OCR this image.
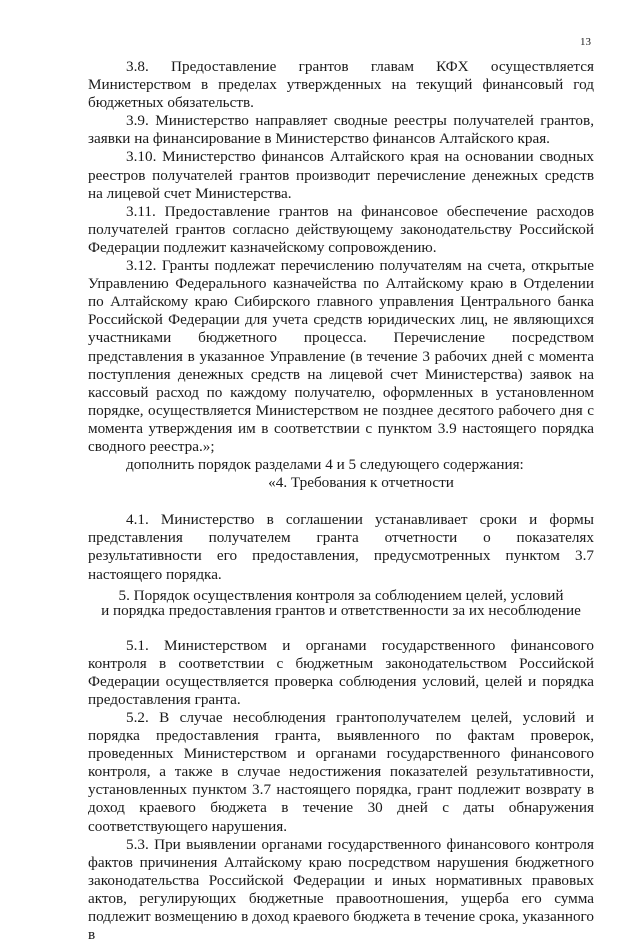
13

3.8. Предоставление грантов главам КФХ осуществляется Министерством в пределах утвержденных на текущий финансовый год бюджетных обязательств.

3.9. Министерство направляет сводные реестры получателей грантов, заявки на финансирование в Министерство финансов Алтайского края.

3.10. Министерство финансов Алтайского края на основании сводных реестров получателей грантов производит перечисление денежных средств на лицевой счет Министерства.

3.11. Предоставление грантов на финансовое обеспечение расходов получателей грантов согласно действующему законодательству Российской Федерации подлежит казначейскому сопровождению.

3.12. Гранты подлежат перечислению получателям на счета, открытые Управлению Федерального казначейства по Алтайскому краю в Отделении по Алтайскому краю Сибирского главного управления Центрального банка Российской Федерации для учета средств юридических лиц, не являющихся участниками бюджетного процесса. Перечисление посредством представления в указанное Управление (в течение 3 рабочих дней с момента поступления денежных средств на лицевой счет Министерства) заявок на кассовый расход по каждому получателю, оформленных в установленном порядке, осуществляется Министерством не позднее десятого рабочего дня с момента утверждения им в соответствии с пунктом 3.9 настоящего порядка сводного реестра.»;

дополнить порядок разделами 4 и 5 следующего содержания:

«4. Требования к отчетности

4.1. Министерство в соглашении устанавливает сроки и формы представления получателем гранта отчетности о показателях результативности его предоставления, предусмотренных пунктом 3.7 настоящего порядка.

5. Порядок осуществления контроля за соблюдением целей, условий

и порядка предоставления грантов и ответственности за их несоблюдение

5.1. Министерством и органами государственного финансового контроля в соответствии с бюджетным законодательством Российской Федерации осуществляется проверка соблюдения условий, целей и порядка предоставления гранта.

5.2. В случае несоблюдения грантополучателем целей, условий и порядка предоставления гранта, выявленного по фактам проверок, проведенных Министерством и органами государственного финансового контроля, а также в случае недостижения показателей результативности, установленных пунктом 3.7 настоящего порядка, грант подлежит возврату в доход краевого бюджета в течение 30 дней с даты обнаружения соответствующего нарушения.

5.3. При выявлении органами государственного финансового контроля фактов причинения Алтайскому краю посредством нарушения бюджетного законодательства Российской Федерации и иных нормативных правовых актов, регулирующих бюджетные правоотношения, ущерба его сумма подлежит возмещению в доход краевого бюджета в течение срока, указанного в
